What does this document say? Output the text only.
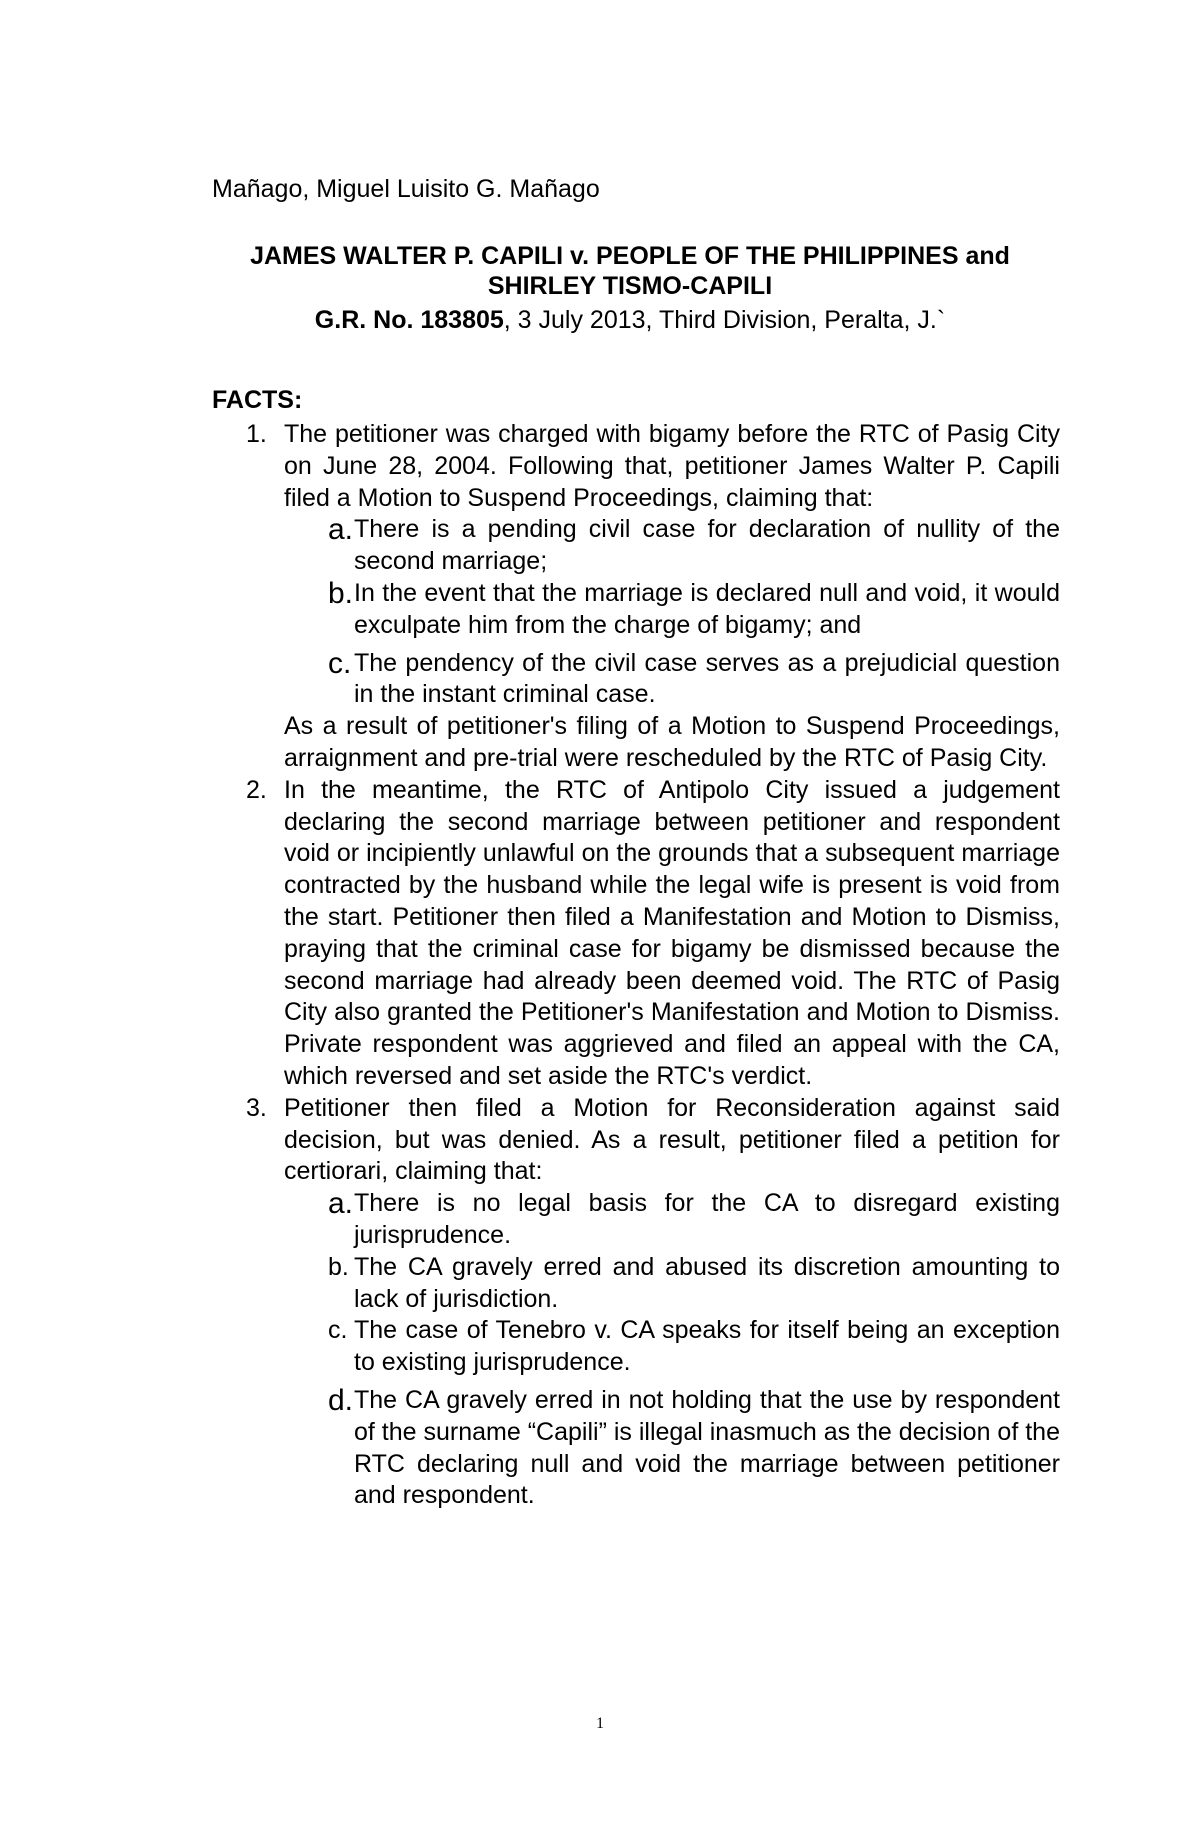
Mañago, Miguel Luisito G. Mañago

JAMES WALTER P. CAPILI v. PEOPLE OF THE PHILIPPINES and

SHIRLEY TISMO-CAPILI

G.R. No. 183805, 3 July 2013, Third Division, Peralta, J.`

FACTS:

1. The petitioner was charged with bigamy before the RTC of Pasig City on June 28, 2004. Following that, petitioner James Walter P. Capili filed a Motion to Suspend Proceedings, claiming that:
a. There is a pending civil case for declaration of nullity of the second marriage;
b. In the event that the marriage is declared null and void, it would exculpate him from the charge of bigamy; and
c. The pendency of the civil case serves as a prejudicial question in the instant criminal case.
As a result of petitioner's filing of a Motion to Suspend Proceedings, arraignment and pre-trial were rescheduled by the RTC of Pasig City.
2. In the meantime, the RTC of Antipolo City issued a judgement declaring the second marriage between petitioner and respondent void or incipiently unlawful on the grounds that a subsequent marriage contracted by the husband while the legal wife is present is void from the start. Petitioner then filed a Manifestation and Motion to Dismiss, praying that the criminal case for bigamy be dismissed because the second marriage had already been deemed void. The RTC of Pasig City also granted the Petitioner's Manifestation and Motion to Dismiss. Private respondent was aggrieved and filed an appeal with the CA, which reversed and set aside the RTC's verdict.
3. Petitioner then filed a Motion for Reconsideration against said decision, but was denied. As a result, petitioner filed a petition for certiorari, claiming that:
a. There is no legal basis for the CA to disregard existing jurisprudence.
b. The CA gravely erred and abused its discretion amounting to lack of jurisdiction.
c. The case of Tenebro v. CA speaks for itself being an exception to existing jurisprudence.
d. The CA gravely erred in not holding that the use by respondent of the surname “Capili” is illegal inasmuch as the decision of the RTC declaring null and void the marriage between petitioner and respondent.

1
